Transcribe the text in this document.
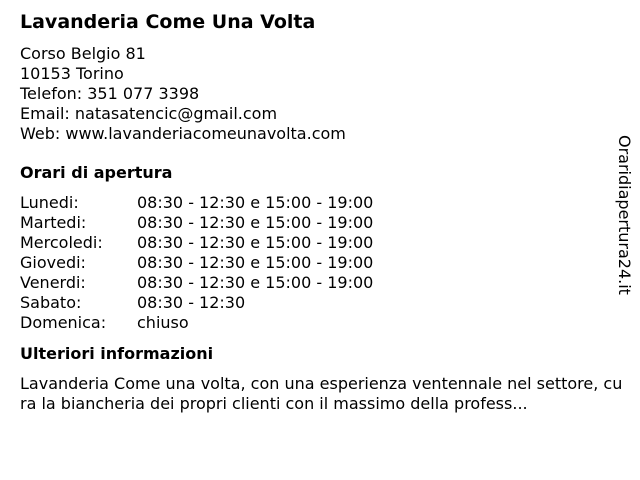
Lavanderia Come Una Volta
Corso Belgio 81
10153 Torino
Telefon: 351 077 3398
Email: natasatencic@gmail.com
Web: www.lavanderiacomeunavolta.com
Orari di apertura
Lunedi:	08:30 - 12:30 e 15:00 - 19:00
Martedi:	08:30 - 12:30 e 15:00 - 19:00
Mercoledi:	08:30 - 12:30 e 15:00 - 19:00
Giovedi:	08:30 - 12:30 e 15:00 - 19:00
Venerdi:	08:30 - 12:30 e 15:00 - 19:00
Sabato:	08:30 - 12:30
Domenica:	chiuso
Ulteriori informazioni

Lavanderia Come una volta, con una esperienza ventennale nel settore, cura la biancheria dei propri clienti con il massimo della profess...

Oraridiapertura24.it
